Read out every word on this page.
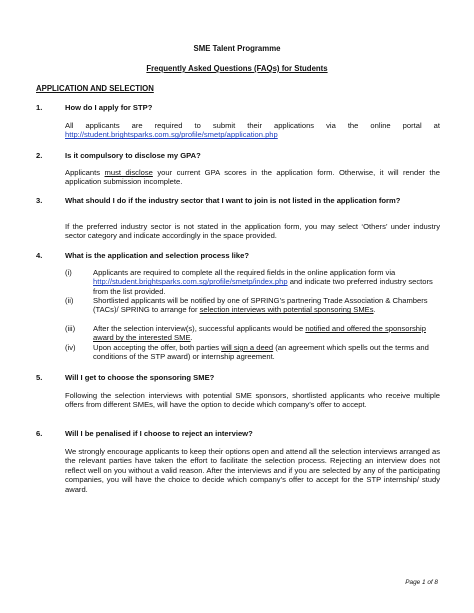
SME Talent Programme
Frequently Asked Questions (FAQs) for Students
APPLICATION AND SELECTION
1.	How do I apply for STP?
All applicants are required to submit their applications via the online portal at http://student.brightsparks.com.sg/profile/smetp/application.php
2.	Is it compulsory to disclose my GPA?
Applicants must disclose your current GPA scores in the application form. Otherwise, it will render the application submission incomplete.
3.	What should I do if the industry sector that I want to join is not listed in the application form?
If the preferred industry sector is not stated in the application form, you may select ‘Others’ under industry sector category and indicate accordingly in the space provided.
4.	What is the application and selection process like?
(i)	Applicants are required to complete all the required fields in the online application form via http://student.brightsparks.com.sg/profile/smetp/index.php and indicate two preferred industry sectors from the list provided.
(ii)	Shortlisted applicants will be notified by one of SPRING’s partnering Trade Association & Chambers (TACs)/ SPRING to arrange for selection interviews with potential sponsoring SMEs.
(iii)	After the selection interview(s), successful applicants would be notified and offered the sponsorship award by the interested SME.
(iv)	Upon accepting the offer, both parties will sign a deed (an agreement which spells out the terms and conditions of the STP award) or internship agreement.
5.	Will I get to choose the sponsoring SME?
Following the selection interviews with potential SME sponsors, shortlisted applicants who receive multiple offers from different SMEs, will have the option to decide which company’s offer to accept.
6.	Will I be penalised if I choose to reject an interview?
We strongly encourage applicants to keep their options open and attend all the selection interviews arranged as the relevant parties have taken the effort to facilitate the selection process. Rejecting an interview does not reflect well on you without a valid reason. After the interviews and if you are selected by any of the participating companies, you will have the choice to decide which company’s offer to accept for the STP internship/ study award.
Page 1 of 8
